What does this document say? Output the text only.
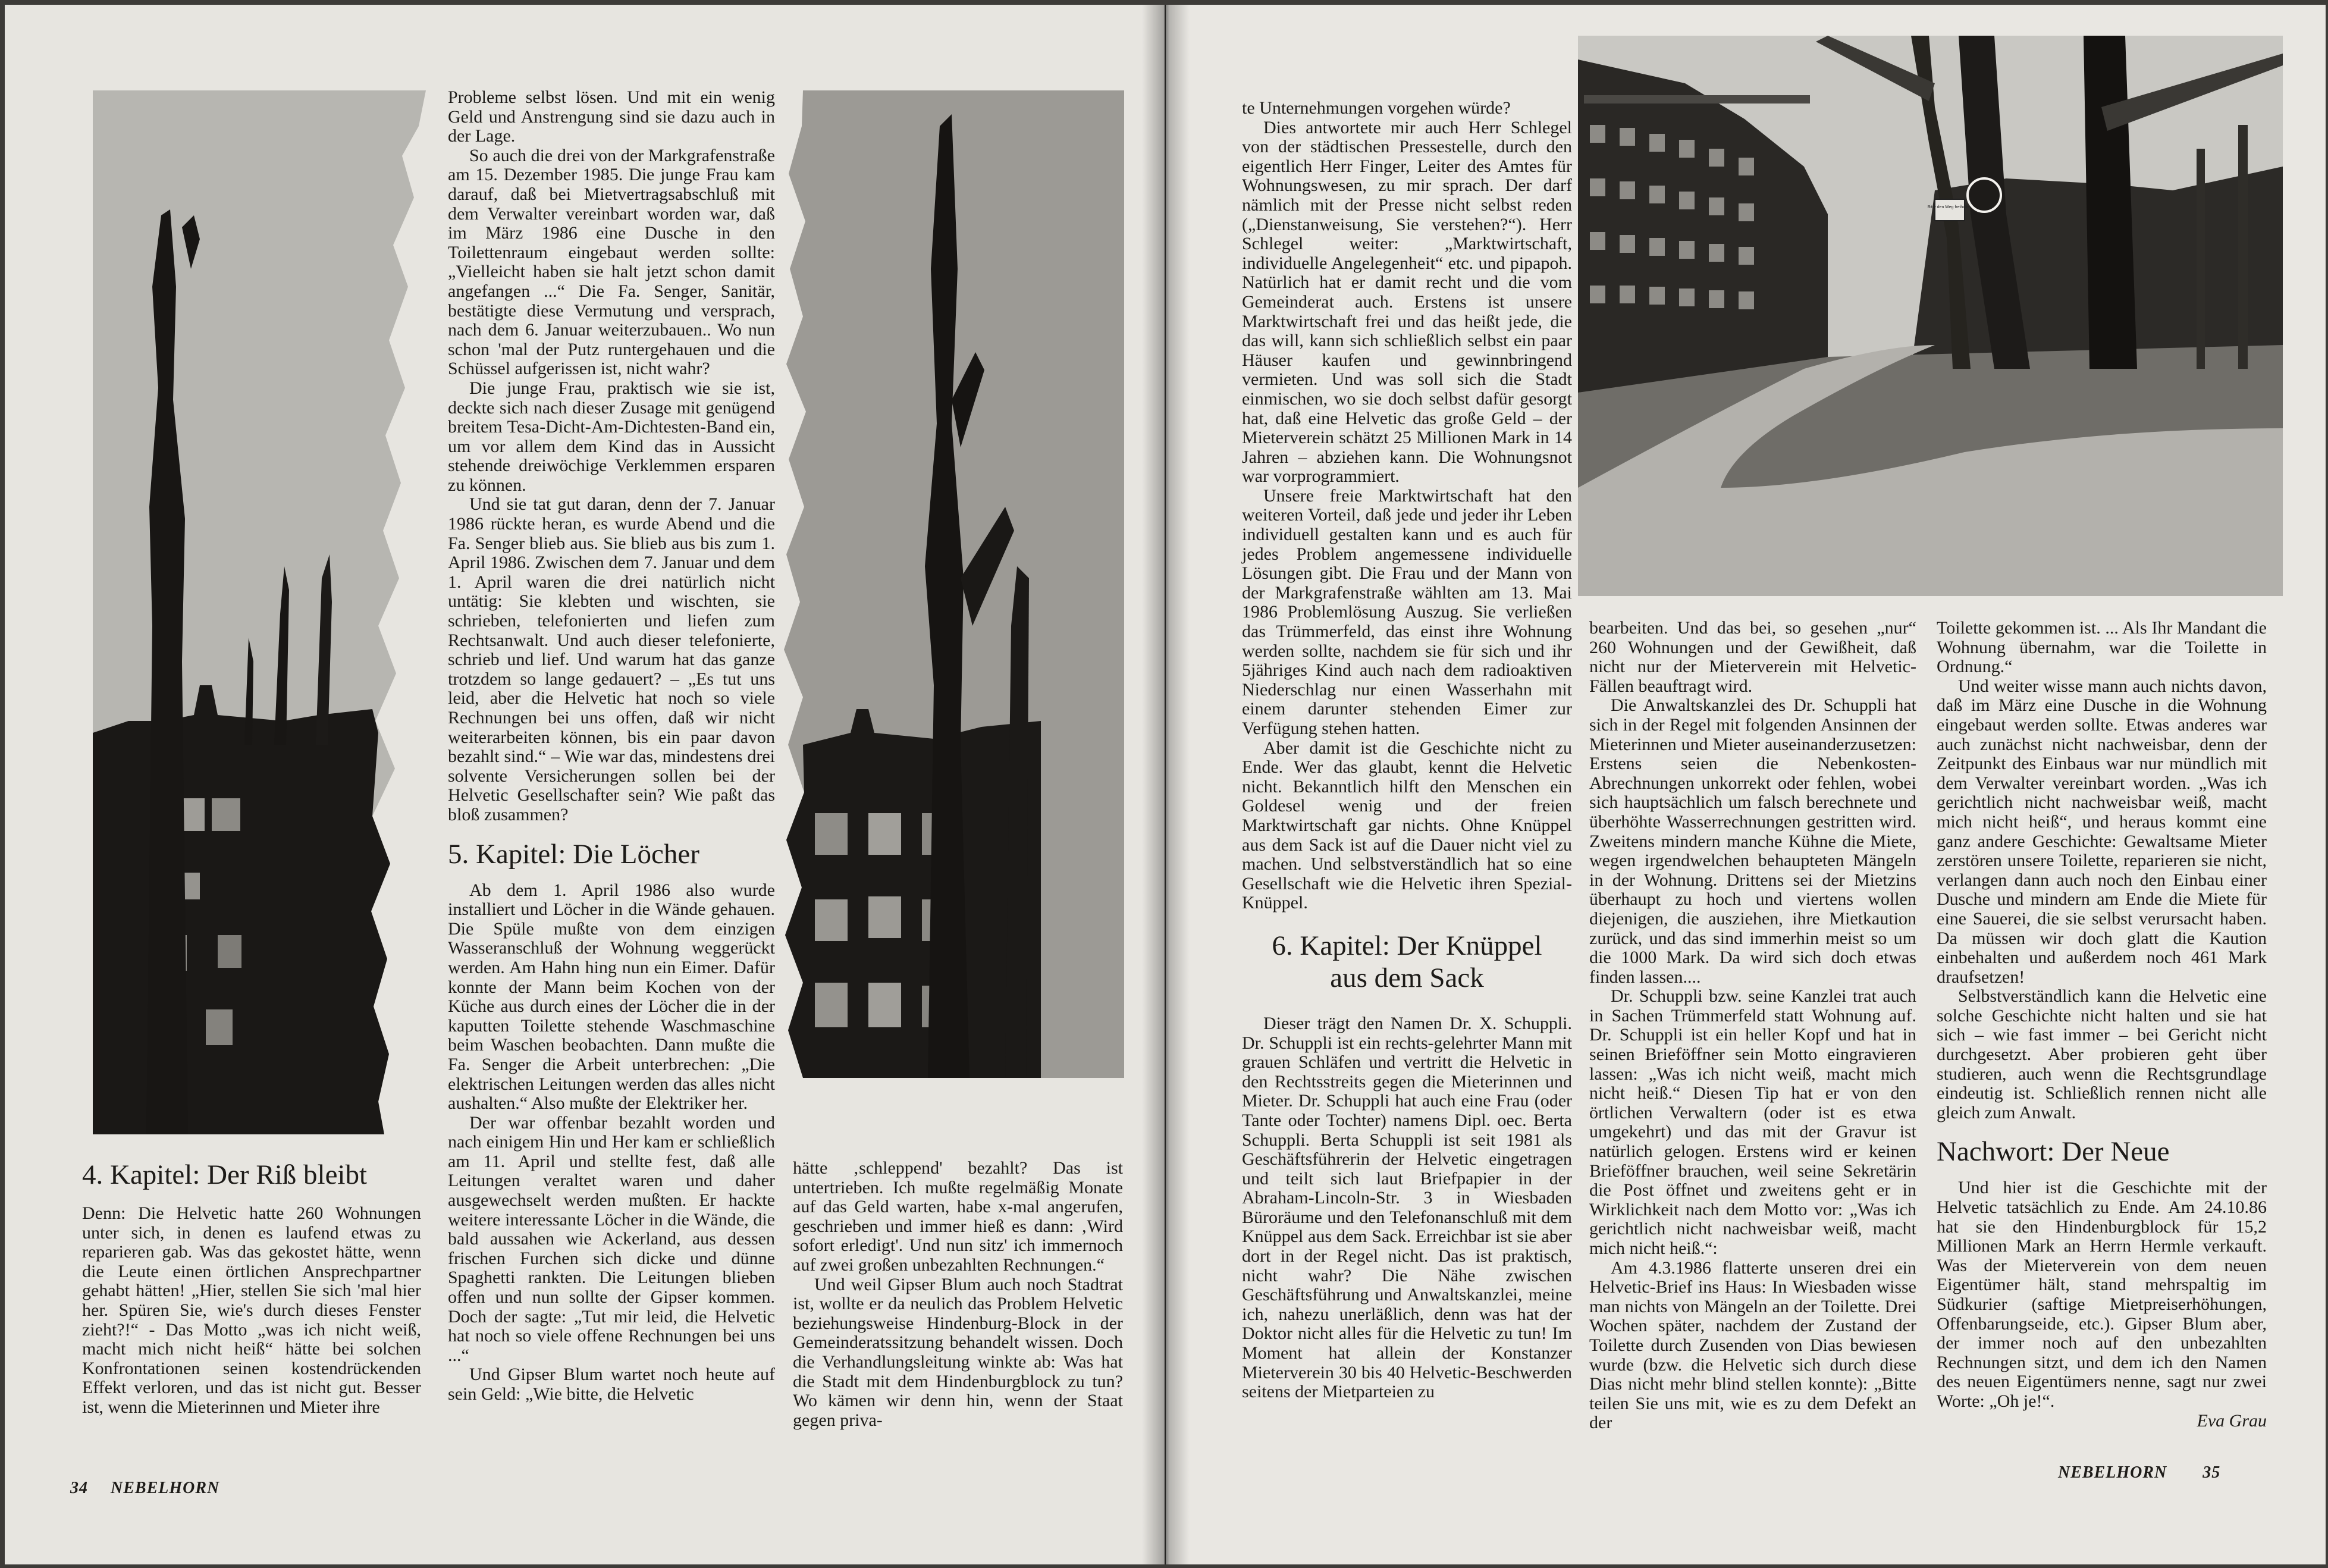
4. Kapitel: Der Riß bleibt

Denn: Die Helvetic hatte 260 Wohnungen unter sich, in denen es laufend etwas zu reparieren gab. Was das gekostet hätte, wenn die Leute einen örtlichen Ansprechpartner gehabt hätten! „Hier, stellen Sie sich 'mal hier her. Spüren Sie, wie's durch dieses Fenster zieht?!“ - Das Motto „was ich nicht weiß, macht mich nicht heiß“ hätte bei solchen Konfrontationen seinen kostendrückenden Effekt verloren, und das ist nicht gut. Besser ist, wenn die Mieterinnen und Mieter ihre

Probleme selbst lösen. Und mit ein wenig Geld und Anstrengung sind sie dazu auch in der Lage.

So auch die drei von der Markgrafenstraße am 15. Dezember 1985. Die junge Frau kam darauf, daß bei Mietvertragsabschluß mit dem Verwalter vereinbart worden war, daß im März 1986 eine Dusche in den Toilettenraum eingebaut werden sollte: „Vielleicht haben sie halt jetzt schon damit angefangen ...“ Die Fa. Senger, Sanitär, bestätigte diese Vermutung und versprach, nach dem 6. Januar weiterzubauen.. Wo nun schon 'mal der Putz runtergehauen und die Schüssel aufgerissen ist, nicht wahr?

Die junge Frau, praktisch wie sie ist, deckte sich nach dieser Zusage mit genügend breitem Tesa-Dicht-Am-Dichtesten-Band ein, um vor allem dem Kind das in Aussicht stehende dreiwöchige Verklemmen ersparen zu können.

Und sie tat gut daran, denn der 7. Januar 1986 rückte heran, es wurde Abend und die Fa. Senger blieb aus. Sie blieb aus bis zum 1. April 1986. Zwischen dem 7. Januar und dem 1. April waren die drei natürlich nicht untätig: Sie klebten und wischten, sie schrieben, telefonierten und liefen zum Rechtsanwalt. Und auch dieser telefonierte, schrieb und lief. Und warum hat das ganze trotzdem so lange gedauert? – „Es tut uns leid, aber die Helvetic hat noch so viele Rechnungen bei uns offen, daß wir nicht weiterarbeiten können, bis ein paar davon bezahlt sind.“ – Wie war das, mindestens drei solvente Versicherungen sollen bei der Helvetic Gesellschafter sein? Wie paßt das bloß zusammen?

5. Kapitel: Die Löcher

Ab dem 1. April 1986 also wurde installiert und Löcher in die Wände gehauen. Die Spüle mußte von dem einzigen Wasseranschluß der Wohnung weggerückt werden. Am Hahn hing nun ein Eimer. Dafür konnte der Mann beim Kochen von der Küche aus durch eines der Löcher die in der kaputten Toilette stehende Waschmaschine beim Waschen beobachten. Dann mußte die Fa. Senger die Arbeit unterbrechen: „Die elektrischen Leitungen werden das alles nicht aushalten.“ Also mußte der Elektriker her.

Der war offenbar bezahlt worden und nach einigem Hin und Her kam er schließlich am 11. April und stellte fest, daß alle Leitungen veraltet waren und daher ausgewechselt werden mußten. Er hackte weitere interessante Löcher in die Wände, die bald aussahen wie Ackerland, aus dessen frischen Furchen sich dicke und dünne Spaghetti rankten. Die Leitungen blieben offen und nun sollte der Gipser kommen. Doch der sagte: „Tut mir leid, die Helvetic hat noch so viele offene Rechnungen bei uns ...“

Und Gipser Blum wartet noch heute auf sein Geld: „Wie bitte, die Helvetic

hätte ‚schleppend' bezahlt? Das ist untertrieben. Ich mußte regelmäßig Monate auf das Geld warten, habe x-mal angerufen, geschrieben und immer hieß es dann: ‚Wird sofort erledigt'. Und nun sitz' ich immernoch auf zwei großen unbezahlten Rechnungen.“

Und weil Gipser Blum auch noch Stadtrat ist, wollte er da neulich das Problem Helvetic beziehungsweise Hindenburg-Block in der Gemeinderatssitzung behandelt wissen. Doch die Verhandlungsleitung winkte ab: Was hat die Stadt mit dem Hindenburgblock zu tun? Wo kämen wir denn hin, wenn der Staat gegen priva-

34 NEBELHORN
Bitte den Weg freihalten

te Unternehmungen vorgehen würde?

Dies antwortete mir auch Herr Schlegel von der städtischen Pressestelle, durch den eigentlich Herr Finger, Leiter des Amtes für Wohnungswesen, zu mir sprach. Der darf nämlich mit der Presse nicht selbst reden („Dienstanweisung, Sie verstehen?“). Herr Schlegel weiter: „Marktwirtschaft, individuelle Angelegenheit“ etc. und pipapoh. Natürlich hat er damit recht und die vom Gemeinderat auch. Erstens ist unsere Marktwirtschaft frei und das heißt jede, die das will, kann sich schließlich selbst ein paar Häuser kaufen und gewinnbringend vermieten. Und was soll sich die Stadt einmischen, wo sie doch selbst dafür gesorgt hat, daß eine Helvetic das große Geld – der Mieterverein schätzt 25 Millionen Mark in 14 Jahren – abziehen kann. Die Wohnungsnot war vorprogrammiert.

Unsere freie Marktwirtschaft hat den weiteren Vorteil, daß jede und jeder ihr Leben individuell gestalten kann und es auch für jedes Problem angemessene individuelle Lösungen gibt. Die Frau und der Mann von der Markgrafenstraße wählten am 13. Mai 1986 Problemlösung Auszug. Sie verließen das Trümmerfeld, das einst ihre Wohnung werden sollte, nachdem sie für sich und ihr 5jähriges Kind auch nach dem radioaktiven Niederschlag nur einen Wasserhahn mit einem darunter stehenden Eimer zur Verfügung stehen hatten.

Aber damit ist die Geschichte nicht zu Ende. Wer das glaubt, kennt die Helvetic nicht. Bekanntlich hilft den Menschen ein Goldesel wenig und der freien Marktwirtschaft gar nichts. Ohne Knüppel aus dem Sack ist auf die Dauer nicht viel zu machen. Und selbstverständlich hat so eine Gesellschaft wie die Helvetic ihren Spezial-Knüppel.

6. Kapitel: Der Knüppel aus dem Sack

Dieser trägt den Namen Dr. X. Schuppli. Dr. Schuppli ist ein rechts-gelehrter Mann mit grauen Schläfen und vertritt die Helvetic in den Rechtsstreits gegen die Mieterinnen und Mieter. Dr. Schuppli hat auch eine Frau (oder Tante oder Tochter) namens Dipl. oec. Berta Schuppli. Berta Schuppli ist seit 1981 als Geschäftsführerin der Helvetic eingetragen und teilt sich laut Briefpapier in der Abraham-Lincoln-Str. 3 in Wiesbaden Büroräume und den Telefonanschluß mit dem Knüppel aus dem Sack. Erreichbar ist sie aber dort in der Regel nicht. Das ist praktisch, nicht wahr? Die Nähe zwischen Geschäftsführung und Anwaltskanzlei, meine ich, nahezu unerläßlich, denn was hat der Doktor nicht alles für die Helvetic zu tun! Im Moment hat allein der Konstanzer Mieterverein 30 bis 40 Helvetic-Beschwerden seitens der Mietparteien zu

bearbeiten. Und das bei, so gesehen „nur“ 260 Wohnungen und der Gewißheit, daß nicht nur der Mieterverein mit Helvetic-Fällen beauftragt wird.

Die Anwaltskanzlei des Dr. Schuppli hat sich in der Regel mit folgenden Ansinnen der Mieterinnen und Mieter auseinanderzusetzen: Erstens seien die Nebenkosten-Abrechnungen unkorrekt oder fehlen, wobei sich hauptsächlich um falsch berechnete und überhöhte Wasserrechnungen gestritten wird. Zweitens mindern manche Kühne die Miete, wegen irgendwelchen behaupteten Mängeln in der Wohnung. Drittens sei der Mietzins überhaupt zu hoch und viertens wollen diejenigen, die ausziehen, ihre Mietkaution zurück, und das sind immerhin meist so um die 1000 Mark. Da wird sich doch etwas finden lassen....

Dr. Schuppli bzw. seine Kanzlei trat auch in Sachen Trümmerfeld statt Wohnung auf. Dr. Schuppli ist ein heller Kopf und hat in seinen Brieföffner sein Motto eingravieren lassen: „Was ich nicht weiß, macht mich nicht heiß.“ Diesen Tip hat er von den örtlichen Verwaltern (oder ist es etwa umgekehrt) und das mit der Gravur ist natürlich gelogen. Erstens wird er keinen Brieföffner brauchen, weil seine Sekretärin die Post öffnet und zweitens geht er in Wirklichkeit nach dem Motto vor: „Was ich gerichtlich nicht nachweisbar weiß, macht mich nicht heiß.“:

Am 4.3.1986 flatterte unseren drei ein Helvetic-Brief ins Haus: In Wiesbaden wisse man nichts von Mängeln an der Toilette. Drei Wochen später, nachdem der Zustand der Toilette durch Zusenden von Dias bewiesen wurde (bzw. die Helvetic sich durch diese Dias nicht mehr blind stellen konnte): „Bitte teilen Sie uns mit, wie es zu dem Defekt an der

Toilette gekommen ist. ... Als Ihr Mandant die Wohnung übernahm, war die Toilette in Ordnung.“

Und weiter wisse mann auch nichts davon, daß im März eine Dusche in die Wohnung eingebaut werden sollte. Etwas anderes war auch zunächst nicht nachweisbar, denn der Zeitpunkt des Einbaus war nur mündlich mit dem Verwalter vereinbart worden. „Was ich gerichtlich nicht nachweisbar weiß, macht mich nicht heiß“, und heraus kommt eine ganz andere Geschichte: Gewaltsame Mieter zerstören unsere Toilette, reparieren sie nicht, verlangen dann auch noch den Einbau einer Dusche und mindern am Ende die Miete für eine Sauerei, die sie selbst verursacht haben. Da müssen wir doch glatt die Kaution einbehalten und außerdem noch 461 Mark draufsetzen!

Selbstverständlich kann die Helvetic eine solche Geschichte nicht halten und sie hat sich – wie fast immer – bei Gericht nicht durchgesetzt. Aber probieren geht über studieren, auch wenn die Rechtsgrundlage eindeutig ist. Schließlich rennen nicht alle gleich zum Anwalt.

Nachwort: Der Neue

Und hier ist die Geschichte mit der Helvetic tatsächlich zu Ende. Am 24.10.86 hat sie den Hindenburgblock für 15,2 Millionen Mark an Herrn Hermle verkauft. Was der Mieterverein von dem neuen Eigentümer hält, stand mehrspaltig im Südkurier (saftige Mietpreiserhöhungen, Offenbarungseide, etc.). Gipser Blum aber, der immer noch auf den unbezahlten Rechnungen sitzt, und dem ich den Namen des neuen Eigentümers nenne, sagt nur zwei Worte: „Oh je!“.

Eva Grau

NEBELHORN 35
